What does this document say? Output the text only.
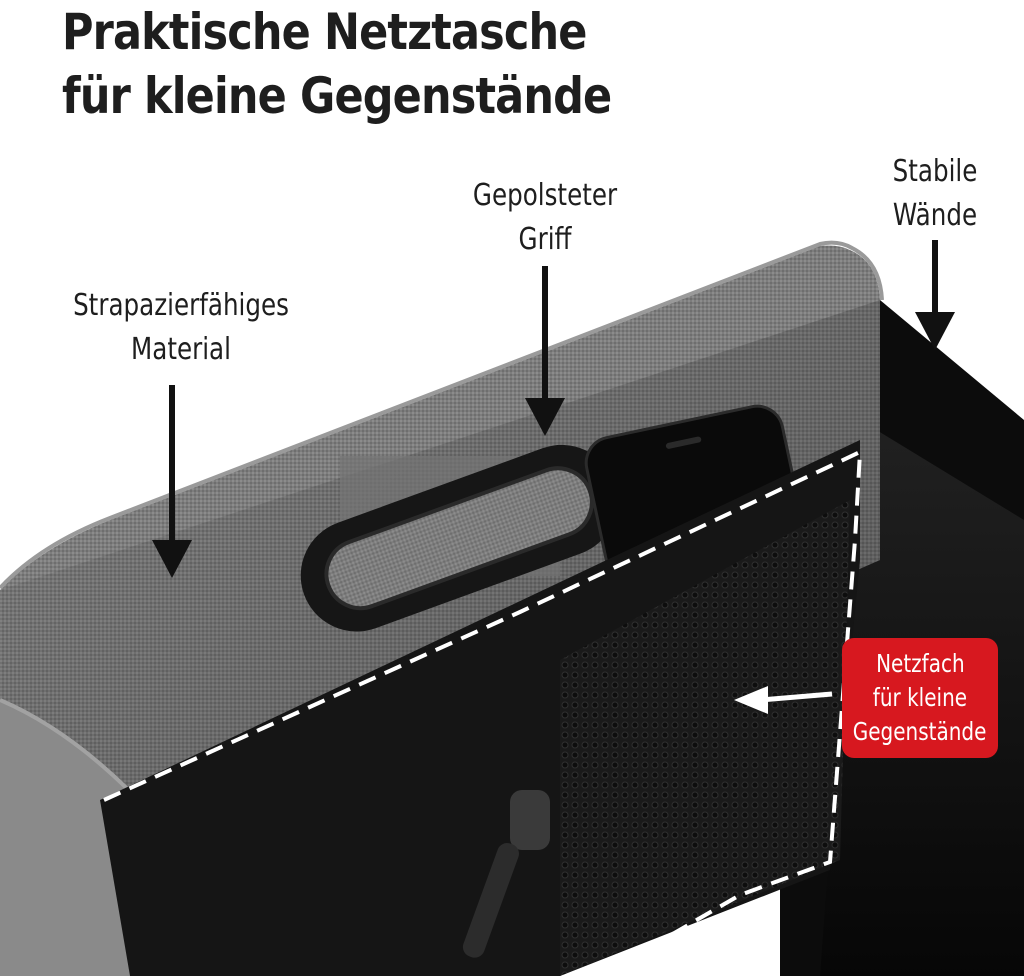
Praktische Netztasche
für kleine Gegenstände
Strapazierfähiges
Material
Gepolsteter
Griff
Stabile
Wände
Netzfach
für kleine
Gegenstände
